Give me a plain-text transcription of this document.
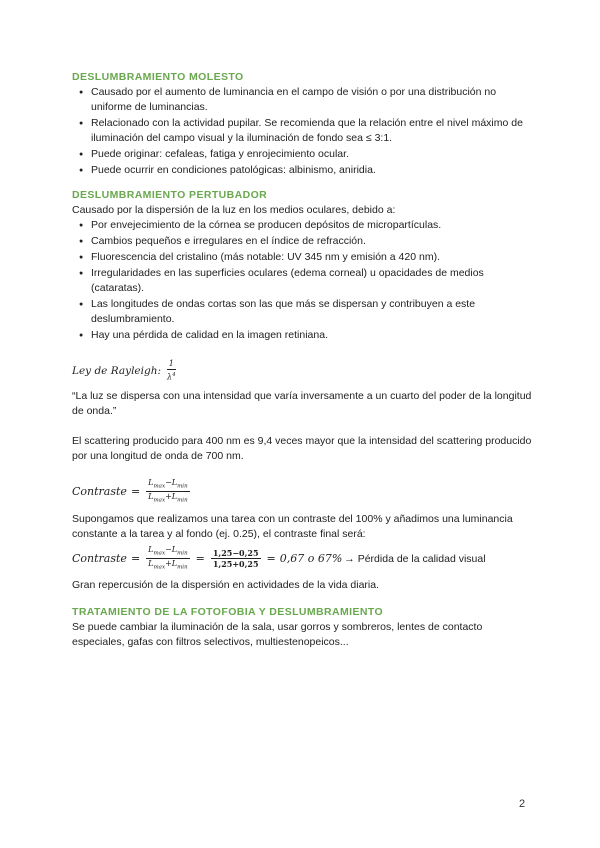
DESLUMBRAMIENTO MOLESTO

● Causado por el aumento de luminancia en el campo de visión o por una distribución no uniforme de luminancias.
● Relacionado con la actividad pupilar. Se recomienda que la relación entre el nivel máximo de iluminación del campo visual y la iluminación de fondo sea ≤ 3:1.
● Puede originar: cefaleas, fatiga y enrojecimiento ocular.
● Puede ocurrir en condiciones patológicas: albinismo, aniridia.

DESLUMBRAMIENTO PERTUBADOR

Causado por la dispersión de la luz en los medios oculares, debido a:

● Por envejecimiento de la córnea se producen depósitos de micropartículas.
● Cambios pequeños e irregulares en el índice de refracción.
● Fluorescencia del cristalino (más notable: UV 345 nm y emisión a 420 nm).
● Irregularidades en las superficies oculares (edema corneal) u opacidades de medios (cataratas).
● Las longitudes de ondas cortas son las que más se dispersan y contribuyen a este deslumbramiento.
● Hay una pérdida de calidad en la imagen retiniana.
Ley de Rayleigh: $\frac{1}{\lambda^4}$

“La luz se dispersa con una intensidad que varía inversamente a un cuarto del poder de la longitud de onda.”

El scattering producido para 400 nm es 9,4 veces mayor que la intensidad del scattering producido por una longitud de onda de 700 nm.

Contraste = $\frac{L_{max}-L_{min}}{L_{max}+L_{min}}$

Supongamos que realizamos una tarea con un contraste del 100% y añadimos una luminancia constante a la tarea y al fondo (ej. 0.25), el contraste final será:

Contraste = $\frac{L_{max}-L_{min}}{L_{max}+L_{min}} = \frac{1,25-0,25}{1,25+0,25} = 0,67$ o 67% → Pérdida de la calidad visual

Gran repercusión de la dispersión en actividades de la vida diaria.

TRATAMIENTO DE LA FOTOFOBIA Y DESLUMBRAMIENTO

Se puede cambiar la iluminación de la sala, usar gorros y sombreros, lentes de contacto especiales, gafas con filtros selectivos, multiestenopeicos...

2
